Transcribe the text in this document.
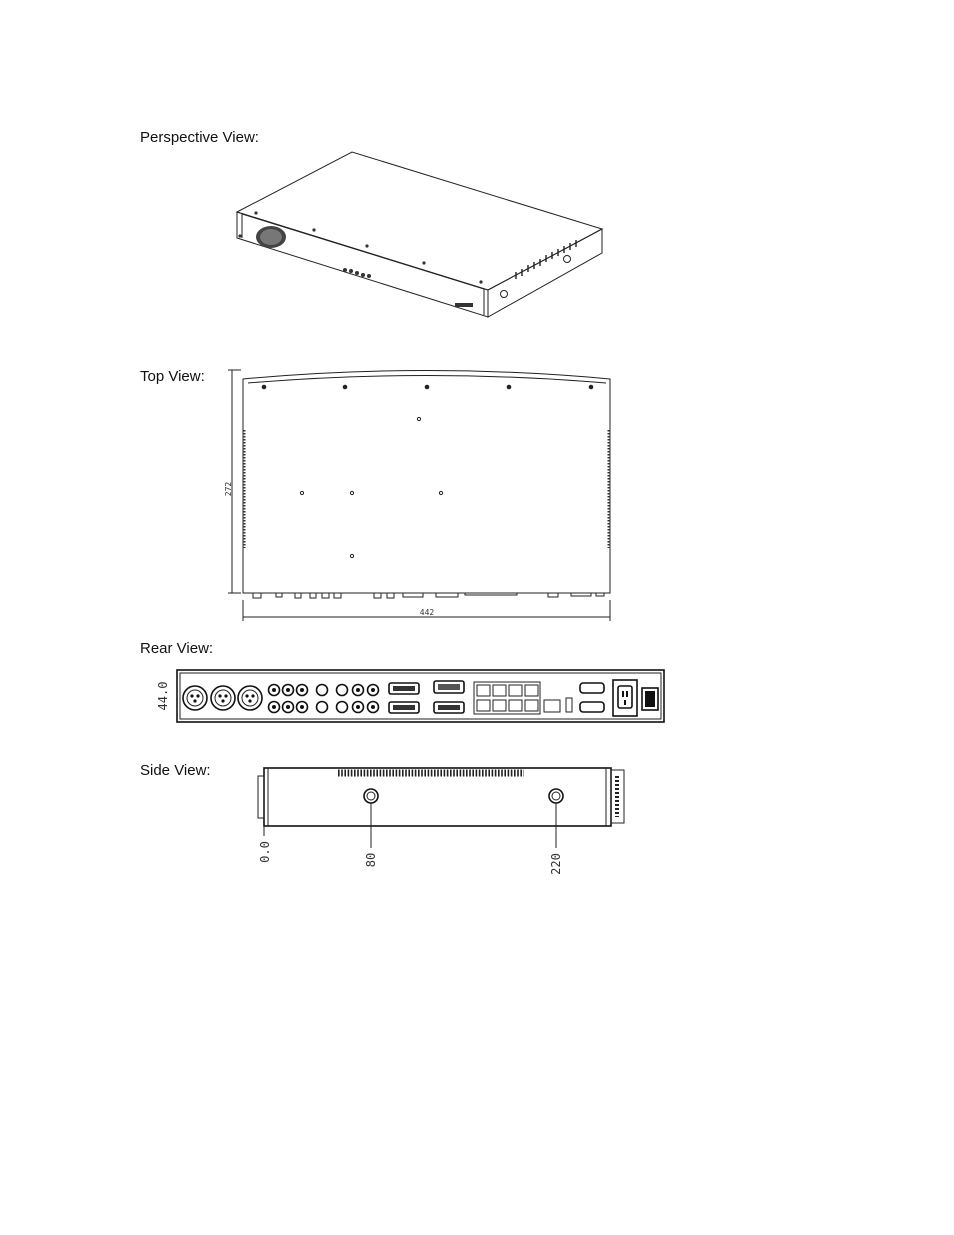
Perspective View:
Top View:
272
442
Rear View:
44.0
Side View:
0.0	80	220
